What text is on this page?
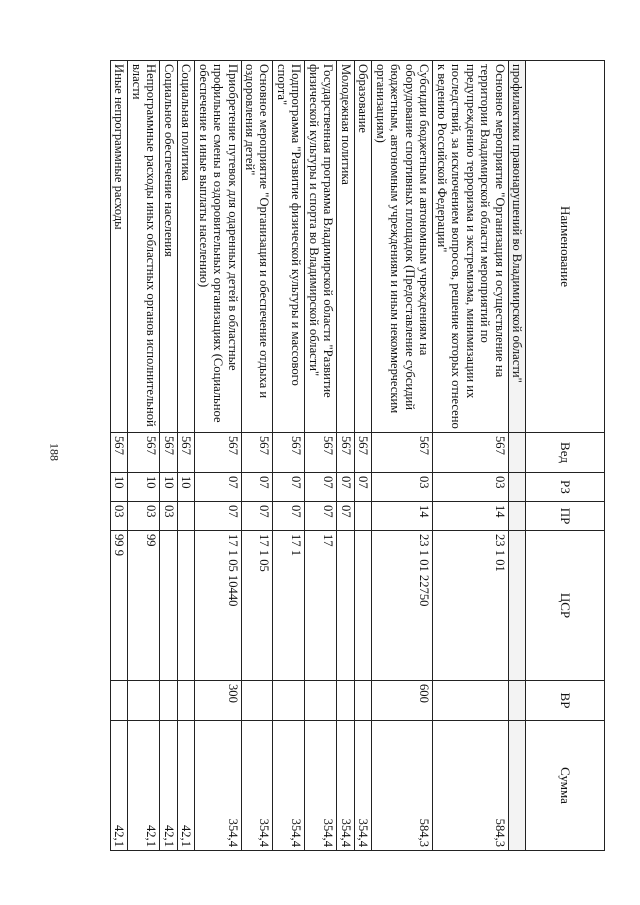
188
Наименование	Вед	РЗ	ПР	ЦСР	ВР	Сумма
профилактики правонарушений во Владимирской области"						
Основное мероприятие "Организация и осуществление на территории Владимирской области мероприятий по предупреждению терроризма и экстремизма, минимизации их последствий, за исключением вопросов, решение которых отнесено к ведению Российской Федерации"	567	03	14	23 1 01		584,3
Субсидии бюджетным и автономным учреждениям на оборудование спортивных площадок (Предоставление субсидий бюджетным, автономным учреждениям и иным некоммерческим организациям)	567	03	14	23 1 01 22750	600	584,3
Образование	567	07				354,4
Молодежная политика	567	07	07			354,4
Государственная программа Владимирской области "Развитие физической культуры и спорта во Владимирской области"	567	07	07	17		354,4
Подпрограмма "Развитие физической культуры и массового спорта"	567	07	07	17 1		354,4
Основное мероприятие "Организация и обеспечение отдыха и оздоровления детей"	567	07	07	17 1 05		354,4
Приобретение путевок для одаренных детей в областные профильные смены в оздоровительных организациях (Социальное обеспечение и иные выплаты населению)	567	07	07	17 1 05 10440	300	354,4
Социальная политика	567	10				42,1
Социальное обеспечение населения	567	10	03			42,1
Непрограммные расходы иных областных органов исполнительной власти	567	10	03	99		42,1
Иные непрограммные расходы	567	10	03	99 9		42,1
